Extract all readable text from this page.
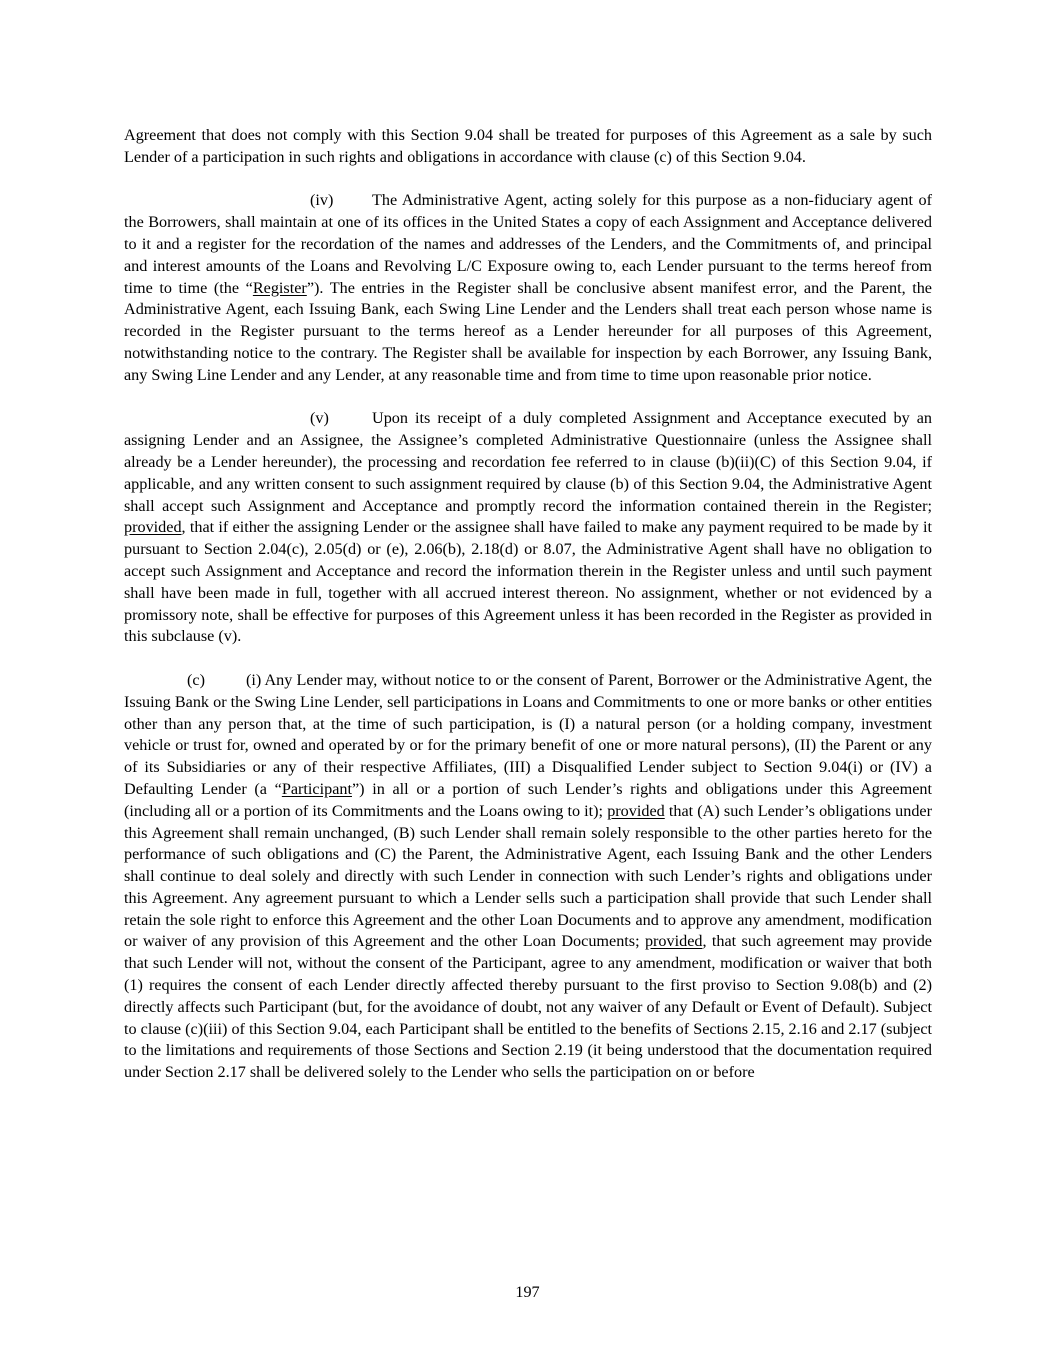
Agreement that does not comply with this Section 9.04 shall be treated for purposes of this Agreement as a sale by such Lender of a participation in such rights and obligations in accordance with clause (c) of this Section 9.04.

(iv) The Administrative Agent, acting solely for this purpose as a non-fiduciary agent of the Borrowers, shall maintain at one of its offices in the United States a copy of each Assignment and Acceptance delivered to it and a register for the recordation of the names and addresses of the Lenders, and the Commitments of, and principal and interest amounts of the Loans and Revolving L/C Exposure owing to, each Lender pursuant to the terms hereof from time to time (the “Register”). The entries in the Register shall be conclusive absent manifest error, and the Parent, the Administrative Agent, each Issuing Bank, each Swing Line Lender and the Lenders shall treat each person whose name is recorded in the Register pursuant to the terms hereof as a Lender hereunder for all purposes of this Agreement, notwithstanding notice to the contrary. The Register shall be available for inspection by each Borrower, any Issuing Bank, any Swing Line Lender and any Lender, at any reasonable time and from time to time upon reasonable prior notice.

(v)	Upon its receipt of a duly completed Assignment and Acceptance executed by an assigning Lender and an Assignee, the Assignee’s completed Administrative Questionnaire (unless the Assignee shall already be a Lender hereunder), the processing and recordation fee referred to in clause (b)(ii)(C) of this Section 9.04, if applicable, and any written consent to such assignment required by clause (b) of this Section 9.04, the Administrative Agent shall accept such Assignment and Acceptance and promptly record the information contained therein in the Register; provided, that if either the assigning Lender or the assignee shall have failed to make any payment required to be made by it pursuant to Section 2.04(c), 2.05(d) or (e), 2.06(b), 2.18(d) or 8.07, the Administrative Agent shall have no obligation to accept such Assignment and Acceptance and record the information therein in the Register unless and until such payment shall have been made in full, together with all accrued interest thereon. No assignment, whether or not evidenced by a promissory note, shall be effective for purposes of this Agreement unless it has been recorded in the Register as provided in this subclause (v).

(c)	(i) Any Lender may, without notice to or the consent of Parent, Borrower or the Administrative Agent, the Issuing Bank or the Swing Line Lender, sell participations in Loans and Commitments to one or more banks or other entities other than any person that, at the time of such participation, is (I) a natural person (or a holding company, investment vehicle or trust for, owned and operated by or for the primary benefit of one or more natural persons), (II) the Parent or any of its Subsidiaries or any of their respective Affiliates, (III) a Disqualified Lender subject to Section 9.04(i) or (IV) a Defaulting Lender (a “Participant”) in all or a portion of such Lender’s rights and obligations under this Agreement (including all or a portion of its Commitments and the Loans owing to it); provided that (A) such Lender’s obligations under this Agreement shall remain unchanged, (B) such Lender shall remain solely responsible to the other parties hereto for the performance of such obligations and (C) the Parent, the Administrative Agent, each Issuing Bank and the other Lenders shall continue to deal solely and directly with such Lender in connection with such Lender’s rights and obligations under this Agreement. Any agreement pursuant to which a Lender sells such a participation shall provide that such Lender shall retain the sole right to enforce this Agreement and the other Loan Documents and to approve any amendment, modification or waiver of any provision of this Agreement and the other Loan Documents; provided, that such agreement may provide that such Lender will not, without the consent of the Participant, agree to any amendment, modification or waiver that both (1) requires the consent of each Lender directly affected thereby pursuant to the first proviso to Section 9.08(b) and (2) directly affects such Participant (but, for the avoidance of doubt, not any waiver of any Default or Event of Default). Subject to clause (c)(iii) of this Section 9.04, each Participant shall be entitled to the benefits of Sections 2.15, 2.16 and 2.17 (subject to the limitations and requirements of those Sections and Section 2.19 (it being understood that the documentation required under Section 2.17 shall be delivered solely to the Lender who sells the participation on or before

197
